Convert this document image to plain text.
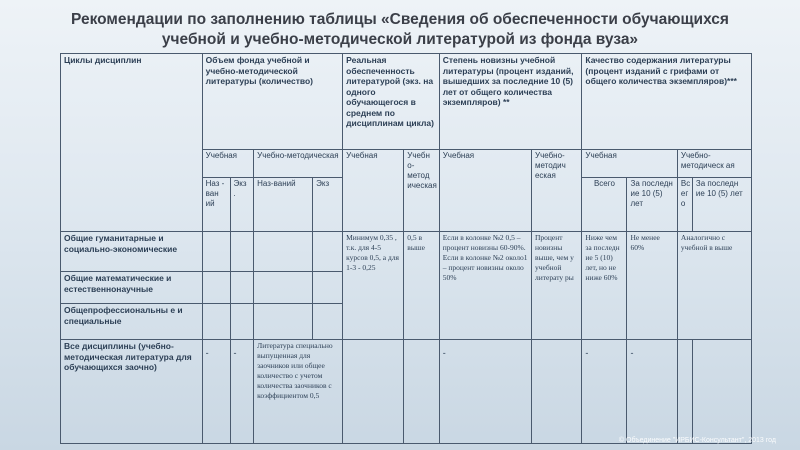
Рекомендации по заполнению таблицы «Сведения об обеспеченности обучающихся
учебной и учебно-методической литературой из фонда вуза»
Циклы дисциплин	Объем фонда учебной и учебно-методической литературы (количество)				Реальная обеспеченность литературой (экз. на одного обучающегося в среднем по дисциплинам цикла)		Степень новизны учебной литературы (процент изданий, вышедших за последние 10 (5) лет от общего количества экземпляров) **		Качество содержания литературы (процент изданий с грифами от общего количества экземпляров)***			
	Учебная		Учебно-методическая		Учебная	Учебн о-метод ическая	Учебная	Учебно-методич еская	Учебная		Учебно-методическ ая	
	Наз - ван ий	Экз .	Наз-ваний	Экз					Всего	За последн ие 10 (5) лет	Вс ег о	За последн ие 10 (5) лет
Общие гуманитарные и социально-экономические					Минимум 0,35 , т.к. для 4-5 курсов 0,5, а для 1-3 - 0,25	0,5 в выше	Если в колонке №2 0,5 – процент новизны 60-90%. Если в колонке №2 около1 – процент новизны около 50%	Процент новизны выше, чем у учебной литерату ры	Ниже чем за последн ие 5 (10) лет, но не ниже 60%	Не менее 60%	Аналогично с учебной в выше	
Общие математические и естественнонаучные												
Общепрофессиональны е и специальные												
Все дисциплины (учебно-методическая литература для обучающихся заочно)	-	-	Литература специально выпущенная для заочников или общее количество с учетом количества заочников с коэффициентом 0,5				-		-	-		
© Объединение "ИРБИС-Консультант", 2013 год
